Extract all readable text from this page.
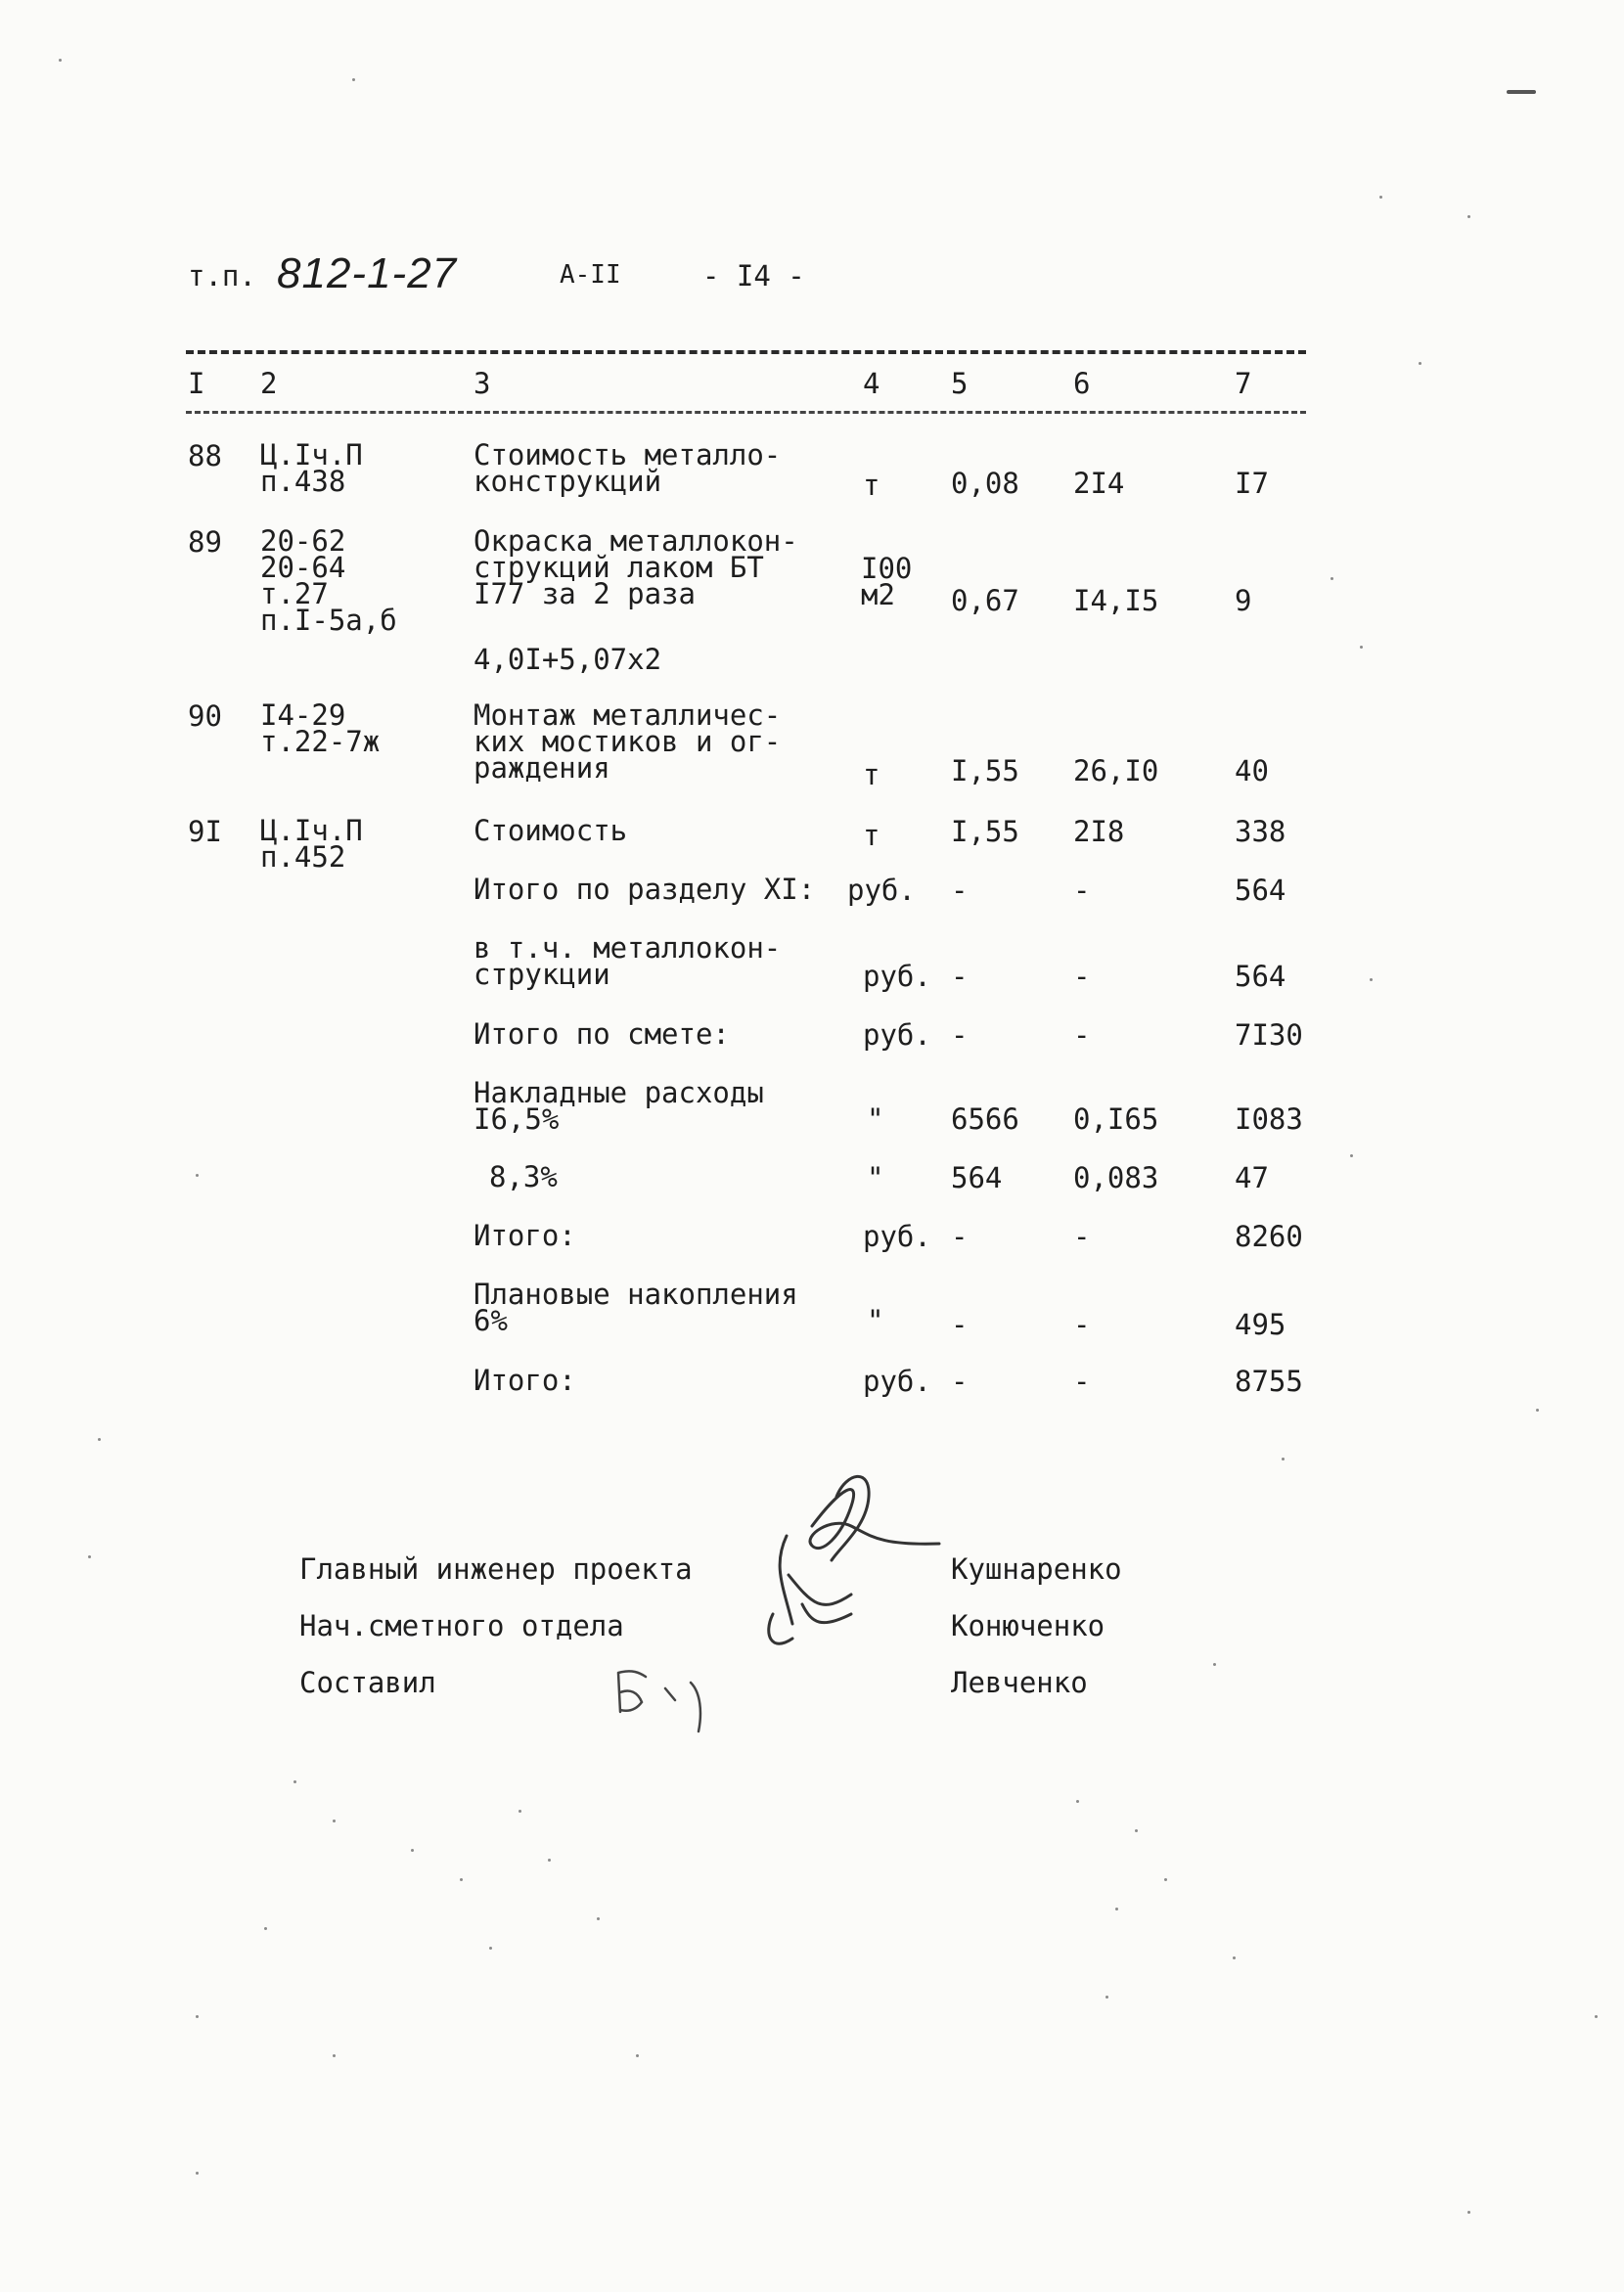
т.п. 812-1-27	А-II	- I4 -
I 2	3	4	5	6	7
88 Ц.Iч.П
п.438
Стоимость металло-
конструкций	т	0,08 2I4	I7
89 20-62
20-64
т.27
п.I-5а,б
Окраска металлокон-
струкций лаком БТ
I77 за 2 раза
I00
м2	0,67 I4,I5	9
4,0I+5,07х2
90 I4-29
т.22-7ж
Монтаж металличес-
ких мостиков и ог-
раждения	т	I,55 26,I0	40
9I Ц.Iч.П
п.452
Стоимость	т	I,55 2I8	338
Итого по разделу XI: руб. -	-	564
в т.ч. металлокон-
струкции	руб. -	-	564
Итого по смете:	руб. -	-	7I30
Накладные расходы
I6,5%	" 6566 0,I65	I083
8,3%	" 564	0,083	47
Итого:	руб. -	-	8260
Плановые накопления
6%	" -	-	495
Итого:	руб. -	-	8755
Главный инженер проекта	Кушнаренко
Нач.сметного отдела	Конюченко
Составил	Левченко
